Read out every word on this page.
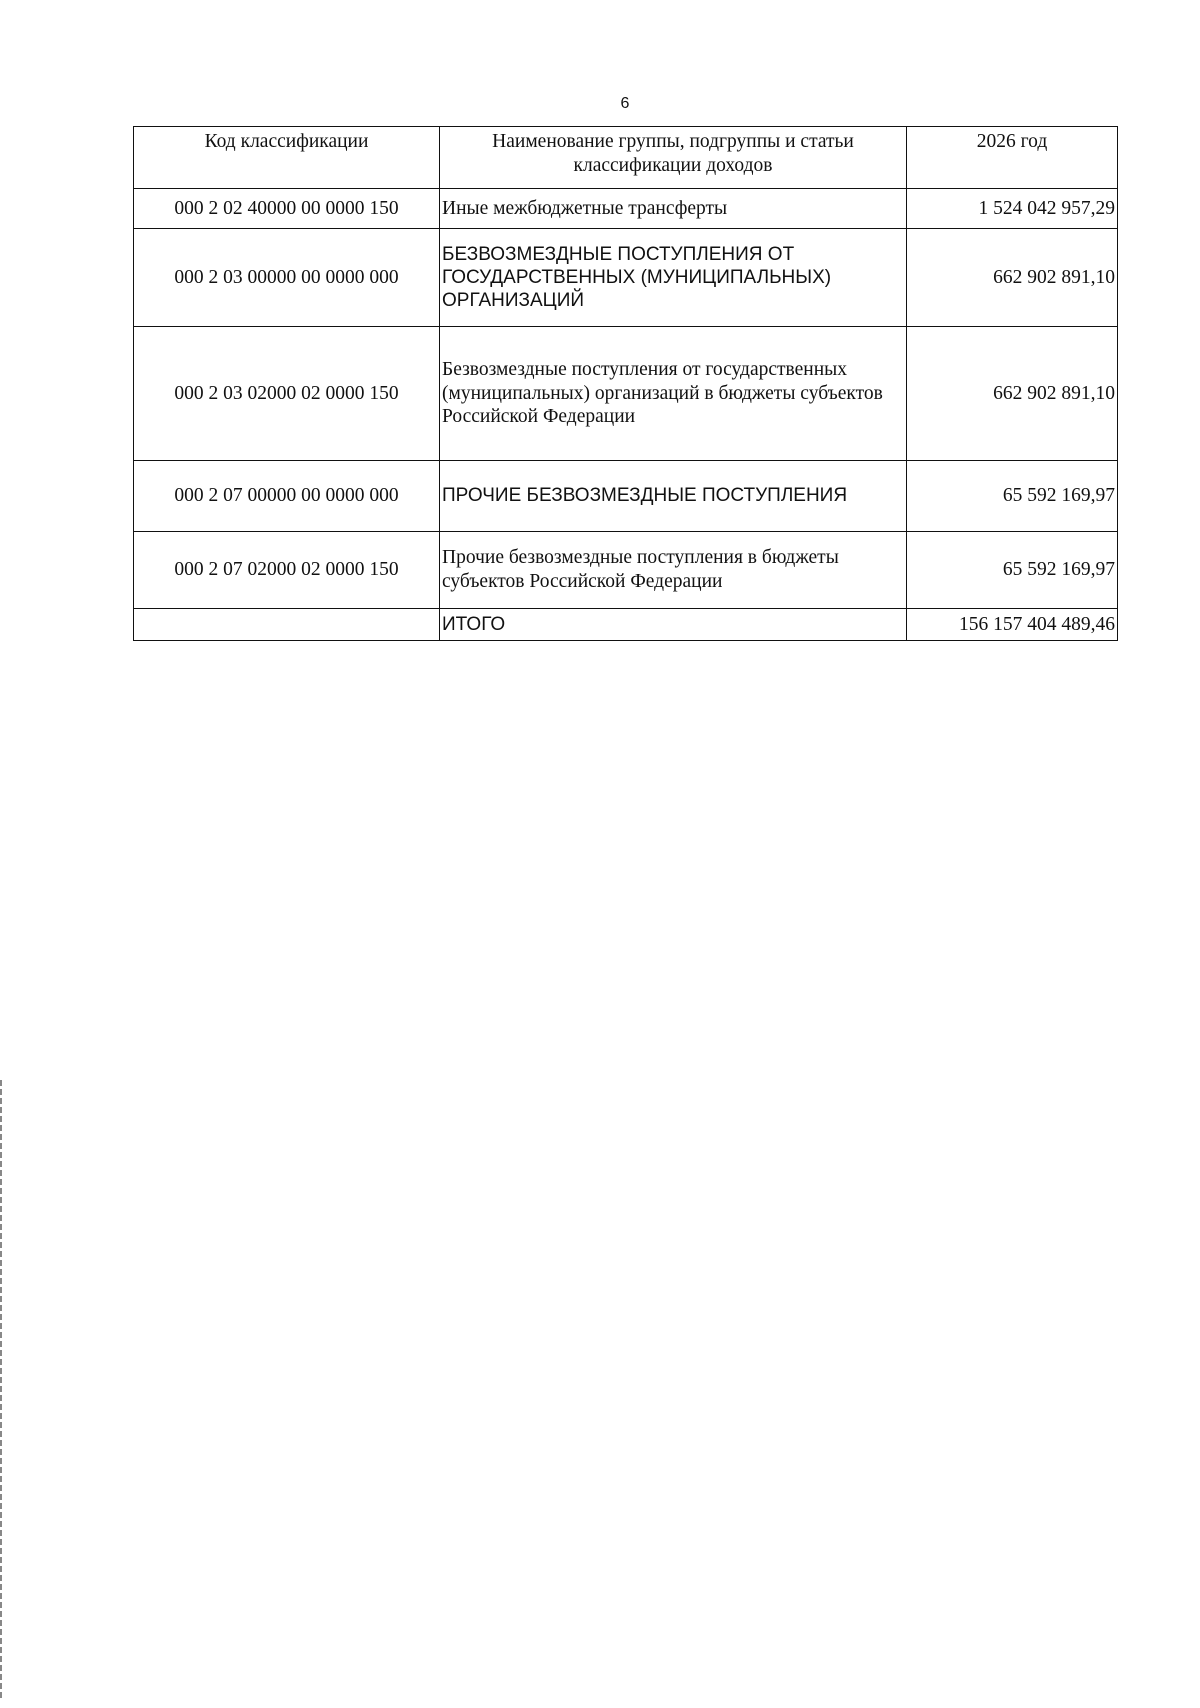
6
Код классификации	Наименование группы, подгруппы и статьи классификации доходов	2026 год
000 2 02 40000 00 0000 150	Иные межбюджетные трансферты	1 524 042 957,29
000 2 03 00000 00 0000 000	БЕЗВОЗМЕЗДНЫЕ ПОСТУПЛЕНИЯ ОТ ГОСУДАРСТВЕННЫХ (МУНИЦИПАЛЬНЫХ) ОРГАНИЗАЦИЙ	662 902 891,10
000 2 03 02000 02 0000 150	Безвозмездные поступления от государственных (муниципальных) организаций в бюджеты субъектов Российской Федерации	662 902 891,10
000 2 07 00000 00 0000 000	ПРОЧИЕ БЕЗВОЗМЕЗДНЫЕ ПОСТУПЛЕНИЯ	65 592 169,97
000 2 07 02000 02 0000 150	Прочие безвозмездные поступления в бюджеты субъектов Российской Федерации	65 592 169,97
	ИТОГО	156 157 404 489,46
